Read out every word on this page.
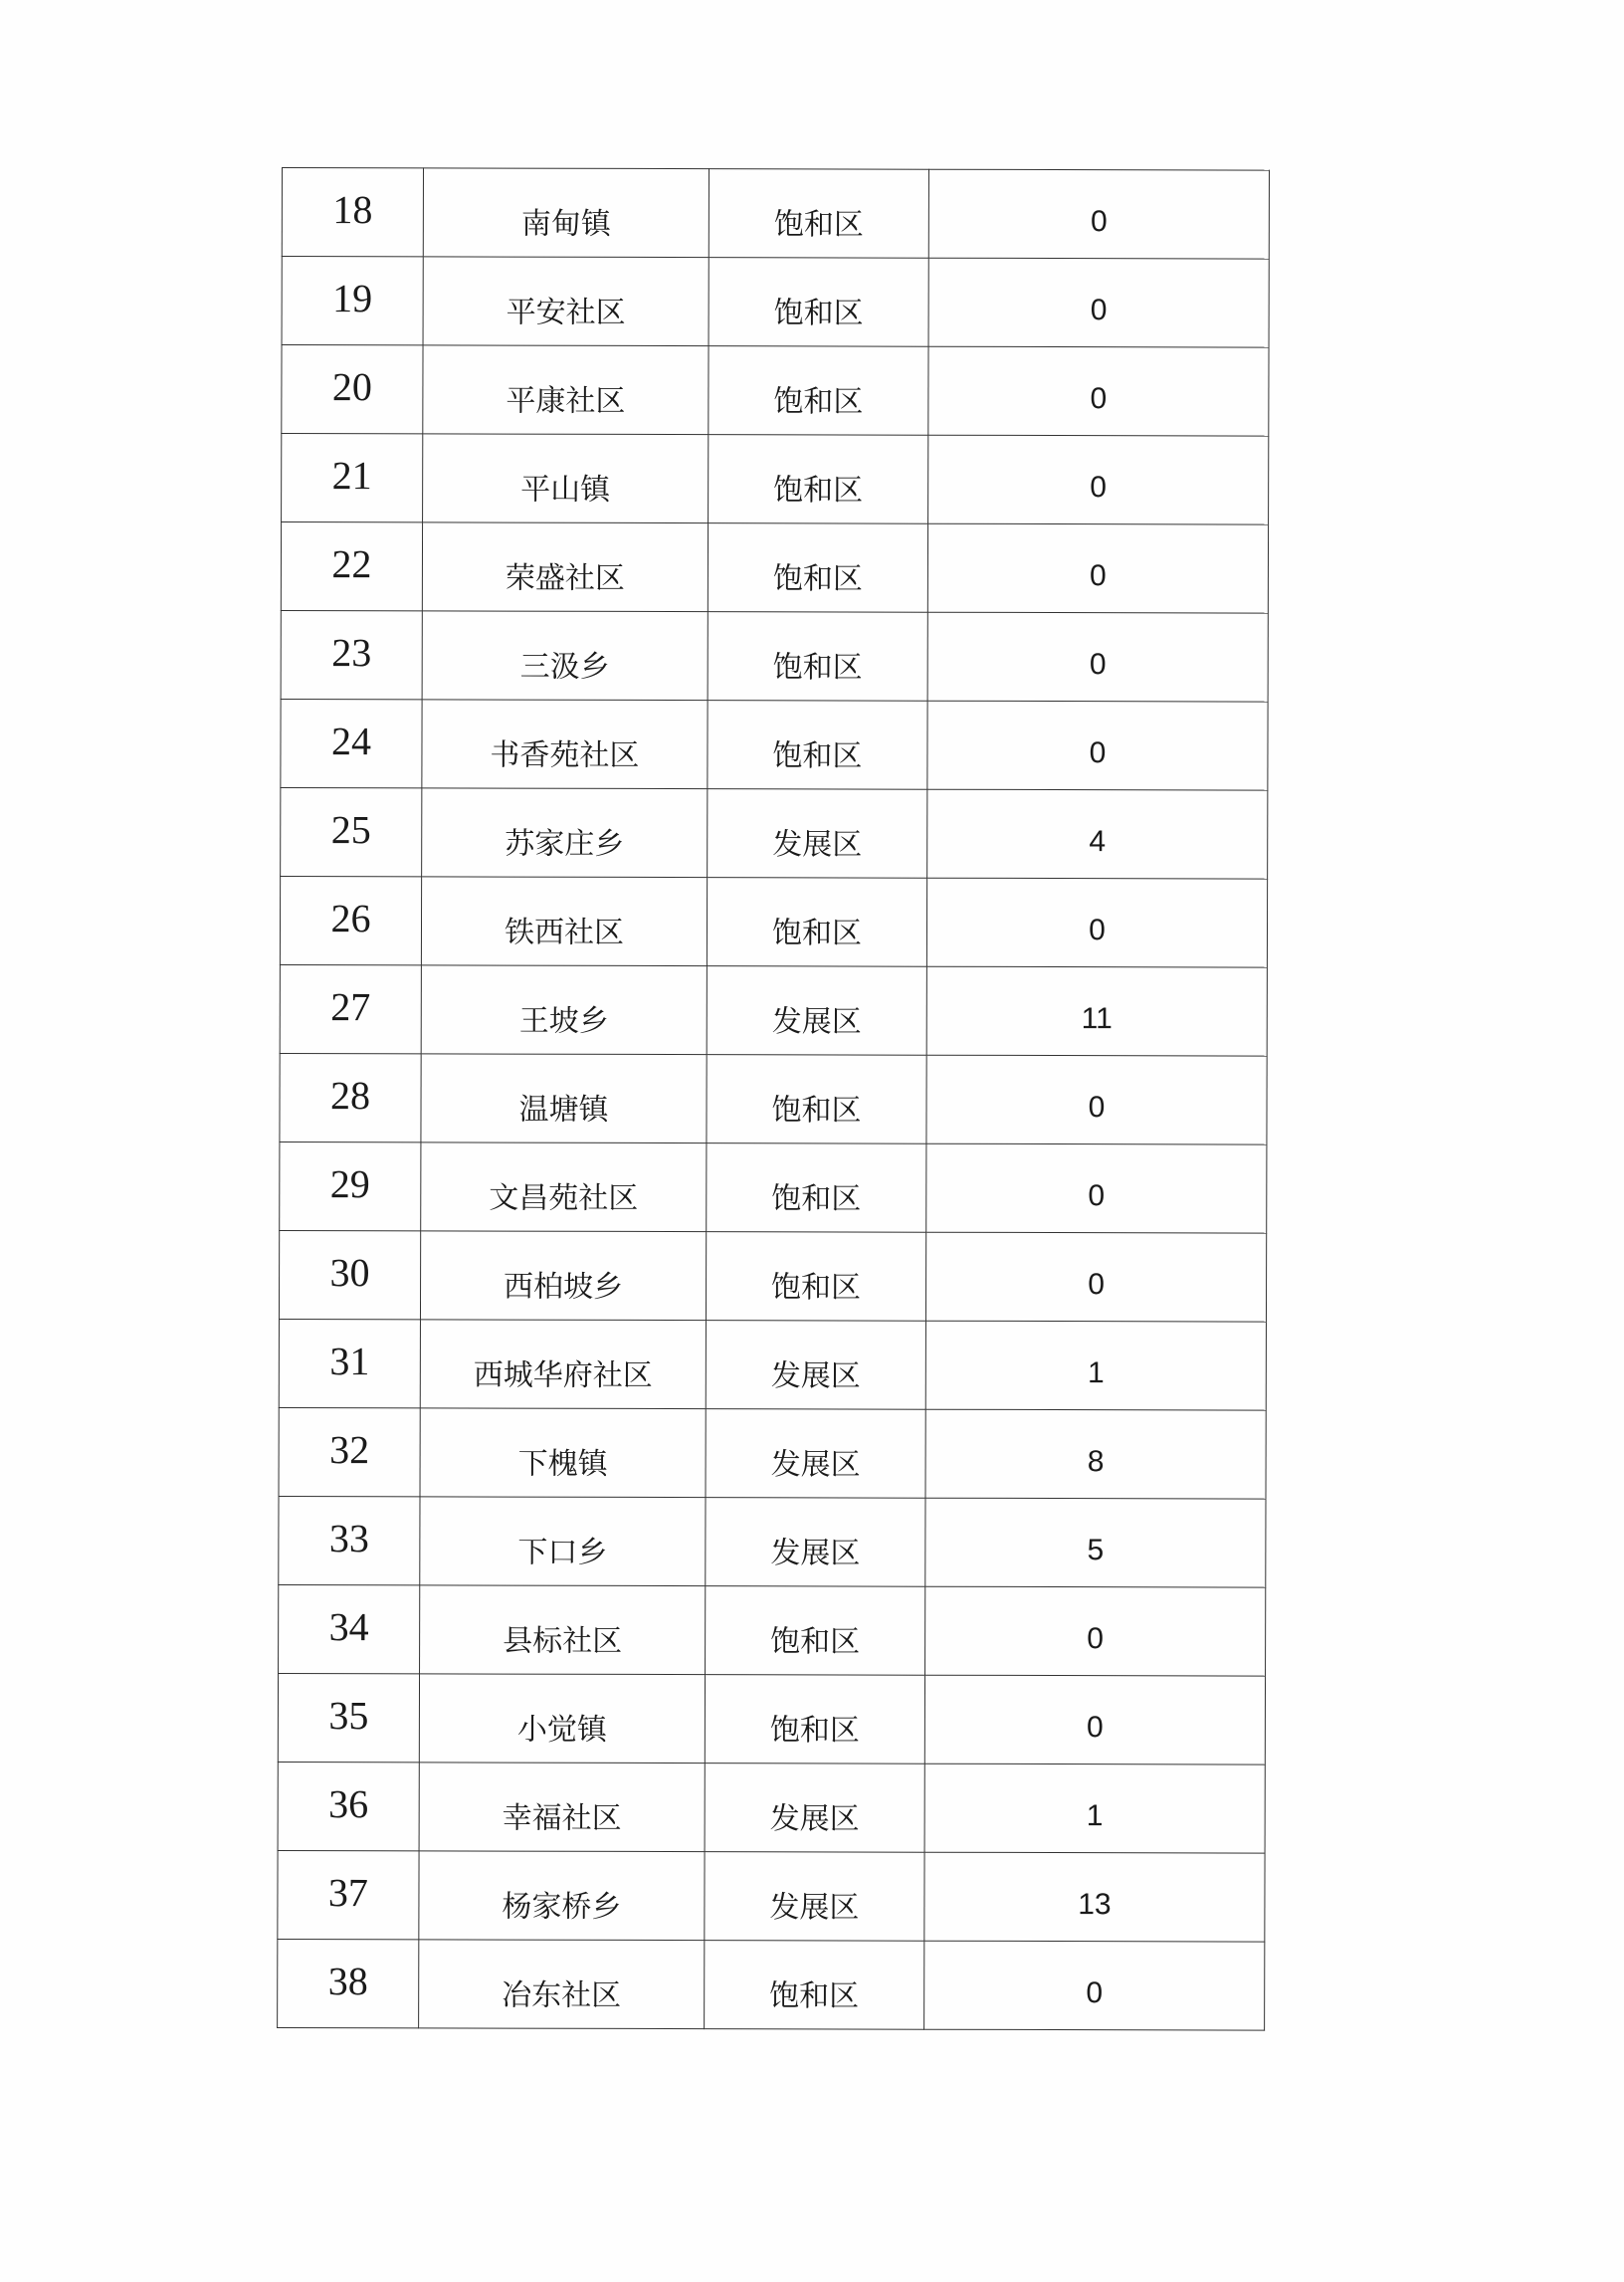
18	南甸镇	饱和区	0
19	平安社区	饱和区	0
20	平康社区	饱和区	0
21	平山镇	饱和区	0
22	荣盛社区	饱和区	0
23	三汲乡	饱和区	0
24	书香苑社区	饱和区	0
25	苏家庄乡	发展区	4
26	铁西社区	饱和区	0
27	王坡乡	发展区	11
28	温塘镇	饱和区	0
29	文昌苑社区	饱和区	0
30	西柏坡乡	饱和区	0
31	西城华府社区	发展区	1
32	下槐镇	发展区	8
33	下口乡	发展区	5
34	县标社区	饱和区	0
35	小觉镇	饱和区	0
36	幸福社区	发展区	1
37	杨家桥乡	发展区	13
38	冶东社区	饱和区	0
